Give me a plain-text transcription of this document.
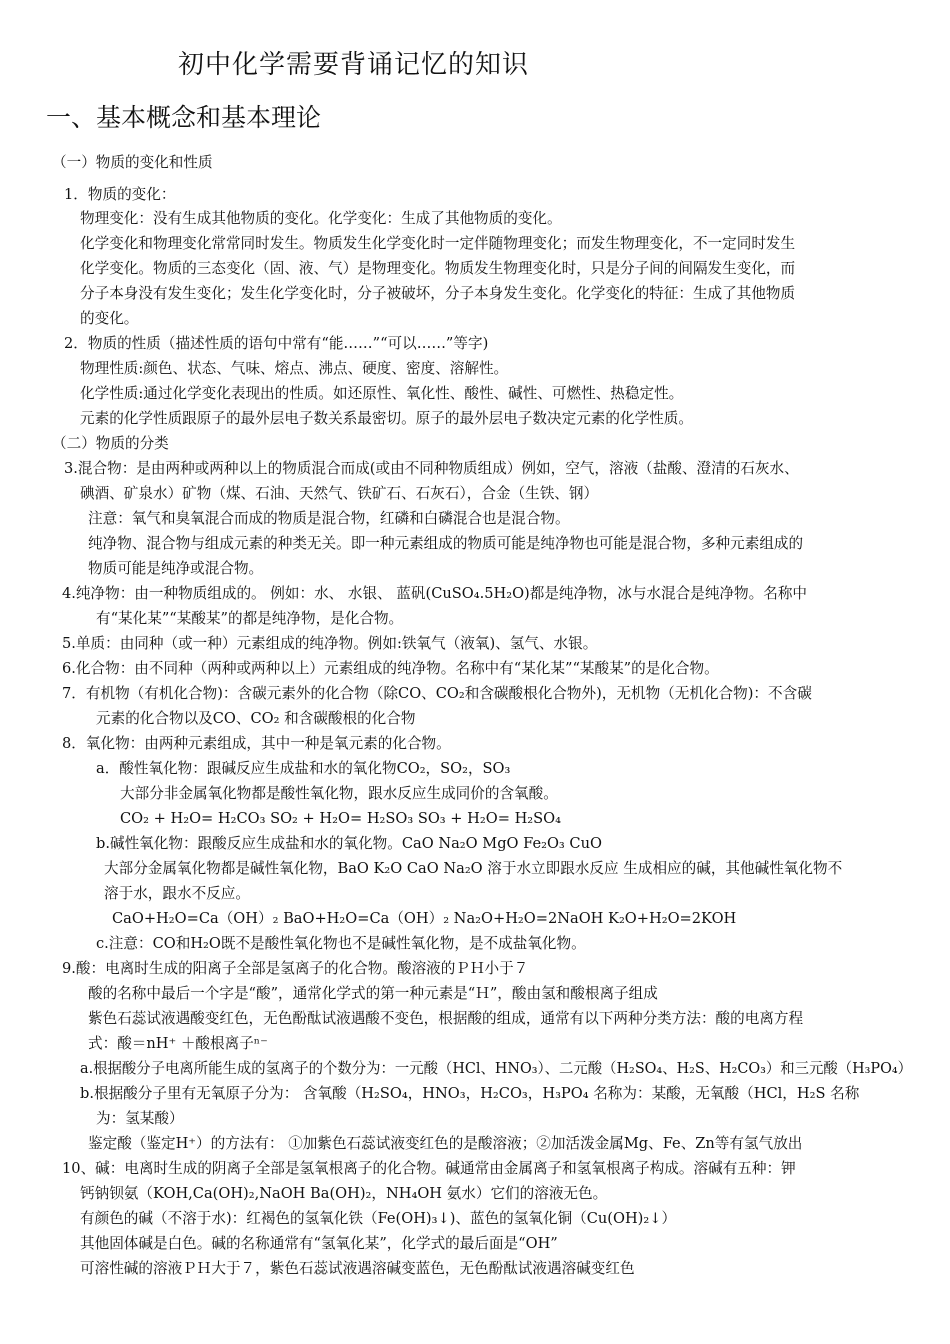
初中化学需要背诵记忆的知识
一、基本概念和基本理论
（一）物质的变化和性质
1．物质的变化：
物理变化：没有生成其他物质的变化。化学变化：生成了其他物质的变化。
化学变化和物理变化常常同时发生。物质发生化学变化时一定伴随物理变化；而发生物理变化，不一定同时发生
化学变化。物质的三态变化（固、液、气）是物理变化。物质发生物理变化时，只是分子间的间隔发生变化，而
分子本身没有发生变化；发生化学变化时，分子被破坏，分子本身发生变化。化学变化的特征：生成了其他物质
的变化。
2．物质的性质（描述性质的语句中常有“能……”“可以……”等字)
物理性质:颜色、状态、气味、熔点、沸点、硬度、密度、溶解性。
化学性质:通过化学变化表现出的性质。如还原性、氧化性、酸性、碱性、可燃性、热稳定性。
元素的化学性质跟原子的最外层电子数关系最密切。原子的最外层电子数决定元素的化学性质。
（二）物质的分类
3.混合物：是由两种或两种以上的物质混合而成(或由不同种物质组成）例如，空气，溶液（盐酸、澄清的石灰水、
碘酒、矿泉水）矿物（煤、石油、天然气、铁矿石、石灰石），合金（生铁、钢）
注意：氧气和臭氧混合而成的物质是混合物，红磷和白磷混合也是混合物。
纯净物、混合物与组成元素的种类无关。即一种元素组成的物质可能是纯净物也可能是混合物，多种元素组成的
物质可能是纯净或混合物。
4.纯净物：由一种物质组成的。 例如：水、 水银、 蓝矾(CuSO₄.5H₂O)都是纯净物，冰与水混合是纯净物。名称中
有“某化某”“某酸某”的都是纯净物，是化合物。
5.单质：由同种（或一种）元素组成的纯净物。例如:铁氧气（液氧)、氢气、水银。
6.化合物：由不同种（两种或两种以上）元素组成的纯净物。名称中有“某化某”“某酸某”的是化合物。
7．有机物（有机化合物)：含碳元素外的化合物（除CO、CO₂和含碳酸根化合物外)，无机物（无机化合物)：不含碳
元素的化合物以及CO、CO₂ 和含碳酸根的化合物
8．氧化物：由两种元素组成，其中一种是氧元素的化合物。
a．酸性氧化物：跟碱反应生成盐和水的氧化物CO₂，SO₂，SO₃
大部分非金属氧化物都是酸性氧化物，跟水反应生成同价的含氧酸。
CO₂ + H₂O= H₂CO₃ SO₂ + H₂O= H₂SO₃ SO₃ + H₂O= H₂SO₄
b.碱性氧化物：跟酸反应生成盐和水的氧化物。CaO Na₂O MgO Fe₂O₃ CuO
大部分金属氧化物都是碱性氧化物，BaO K₂O CaO Na₂O 溶于水立即跟水反应 生成相应的碱，其他碱性氧化物不
溶于水，跟水不反应。
CaO+H₂O=Ca（OH）₂ BaO+H₂O=Ca（OH）₂ Na₂O+H₂O=2NaOH K₂O+H₂O=2KOH
c.注意：CO和H₂O既不是酸性氧化物也不是碱性氧化物，是不成盐氧化物。
9.酸：电离时生成的阳离子全部是氢离子的化合物。酸溶液的ＰＨ小于７
酸的名称中最后一个字是“酸”，通常化学式的第一种元素是“Ｈ”，酸由氢和酸根离子组成
紫色石蕊试液遇酸变红色，无色酚酞试液遇酸不变色，根据酸的组成，通常有以下两种分类方法：酸的电离方程
式：酸＝nH⁺ ＋酸根离子ⁿ⁻
a.根据酸分子电离所能生成的氢离子的个数分为：一元酸（HCl、HNO₃）、二元酸（H₂SO₄、H₂S、H₂CO₃）和三元酸（H₃PO₄）
b.根据酸分子里有无氧原子分为： 含氧酸（H₂SO₄，HNO₃，H₂CO₃，H₃PO₄ 名称为：某酸，无氧酸（HCl，H₂S 名称
为：氢某酸）
鉴定酸（鉴定H⁺）的方法有： ①加紫色石蕊试液变红色的是酸溶液；②加活泼金属Mg、Fe、Zn等有氢气放出
10、碱：电离时生成的阴离子全部是氢氧根离子的化合物。碱通常由金属离子和氢氧根离子构成。溶碱有五种：钾
钙钠钡氨（KOH,Ca(OH)₂,NaOH Ba(OH)₂，NH₄OH 氨水）它们的溶液无色。
有颜色的碱（不溶于水)：红褐色的氢氧化铁（Fe(OH)₃↓)、蓝色的氢氧化铜（Cu(OH)₂↓）
其他固体碱是白色。碱的名称通常有“氢氧化某”，化学式的最后面是“OH”
可溶性碱的溶液ＰＨ大于７，紫色石蕊试液遇溶碱变蓝色，无色酚酞试液遇溶碱变红色
